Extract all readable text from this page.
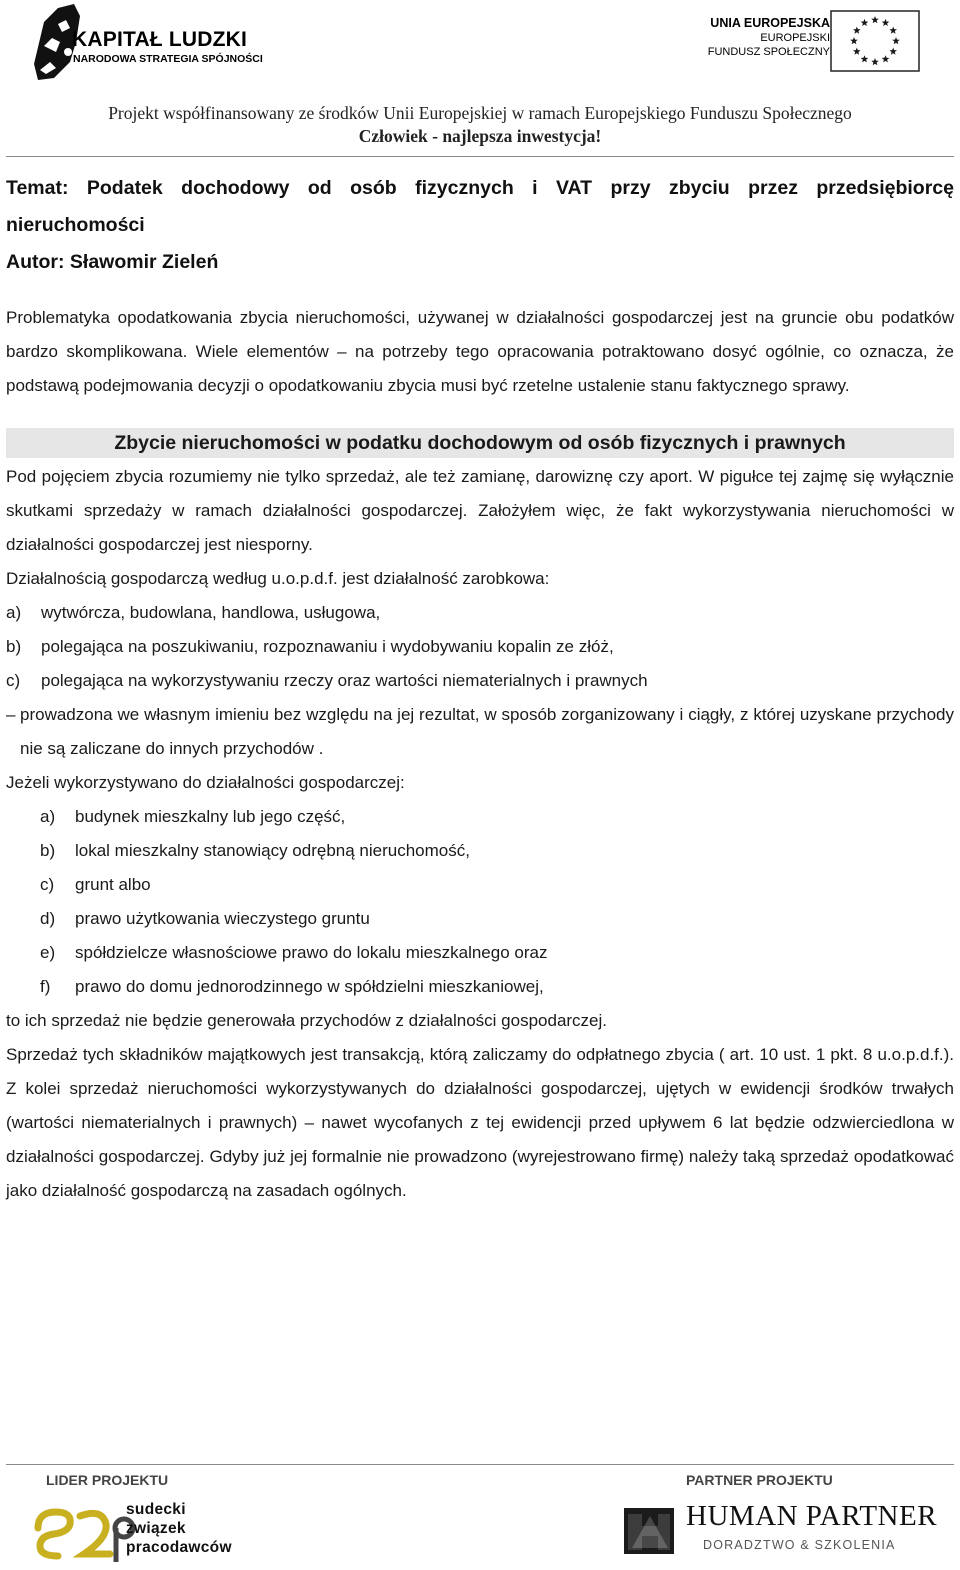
KAPITAŁ LUDZKI
NARODOWA STRATEGIA SPÓJNOŚCI
UNIA EUROPEJSKA
EUROPEJSKI
FUNDUSZ SPOŁECZNY
Projekt współfinansowany ze środków Unii Europejskiej w ramach Europejskiego Funduszu Społecznego
Człowiek - najlepsza inwestycja!
Temat: Podatek dochodowy od osób fizycznych i VAT przy zbyciu przez przedsiębiorcę nieruchomości
Autor: Sławomir Zieleń

Problematyka opodatkowania zbycia nieruchomości, używanej w działalności gospodarczej jest na gruncie obu podatków bardzo skomplikowana. Wiele elementów – na potrzeby tego opracowania potraktowano dosyć ogólnie, co oznacza, że podstawą podejmowania decyzji o opodatkowaniu zbycia musi być rzetelne ustalenie stanu faktycznego sprawy.

Zbycie nieruchomości w podatku dochodowym od osób fizycznych i prawnych

Pod pojęciem zbycia rozumiemy nie tylko sprzedaż, ale też zamianę, darowiznę czy aport. W pigułce tej zajmę się wyłącznie skutkami sprzedaży w ramach działalności gospodarczej. Założyłem więc, że fakt wykorzystywania nieruchomości w działalności gospodarczej jest niesporny.

Działalnością gospodarczą według u.o.p.d.f. jest działalność zarobkowa:

a) wytwórcza, budowlana, handlowa, usługowa,
b) polegająca na poszukiwaniu, rozpoznawaniu i wydobywaniu kopalin ze złóż,
c) polegająca na wykorzystywaniu rzeczy oraz wartości niematerialnych i prawnych
– prowadzona we własnym imieniu bez względu na jej rezultat, w sposób zorganizowany i ciągły, z której uzyskane przychody nie są zaliczane do innych przychodów .

Jeżeli wykorzystywano do działalności gospodarczej:

a) budynek mieszkalny lub jego część,
b) lokal mieszkalny stanowiący odrębną nieruchomość,
c) grunt albo
d) prawo użytkowania wieczystego gruntu
e) spółdzielcze własnościowe prawo do lokalu mieszkalnego oraz
f) prawo do domu jednorodzinnego w spółdzielni mieszkaniowej,

to ich sprzedaż nie będzie generowała przychodów z działalności gospodarczej.

Sprzedaż tych składników majątkowych jest transakcją, którą zaliczamy do odpłatnego zbycia ( art. 10 ust. 1 pkt. 8 u.o.p.d.f.). Z kolei sprzedaż nieruchomości wykorzystywanych do działalności gospodarczej, ujętych w ewidencji środków trwałych (wartości niematerialnych i prawnych) – nawet wycofanych z tej ewidencji przed upływem 6 lat będzie odzwierciedlona w działalności gospodarczej. Gdyby już jej formalnie nie prowadzono (wyrejestrowano firmę) należy taką sprzedaż opodatkować jako działalność gospodarczą na zasadach ogólnych.

LIDER PROJEKTU	PARTNER PROJEKTU
sudecki
związek
pracodawców
HUMAN PARTNER
DORADZTWO & SZKOLENIA
